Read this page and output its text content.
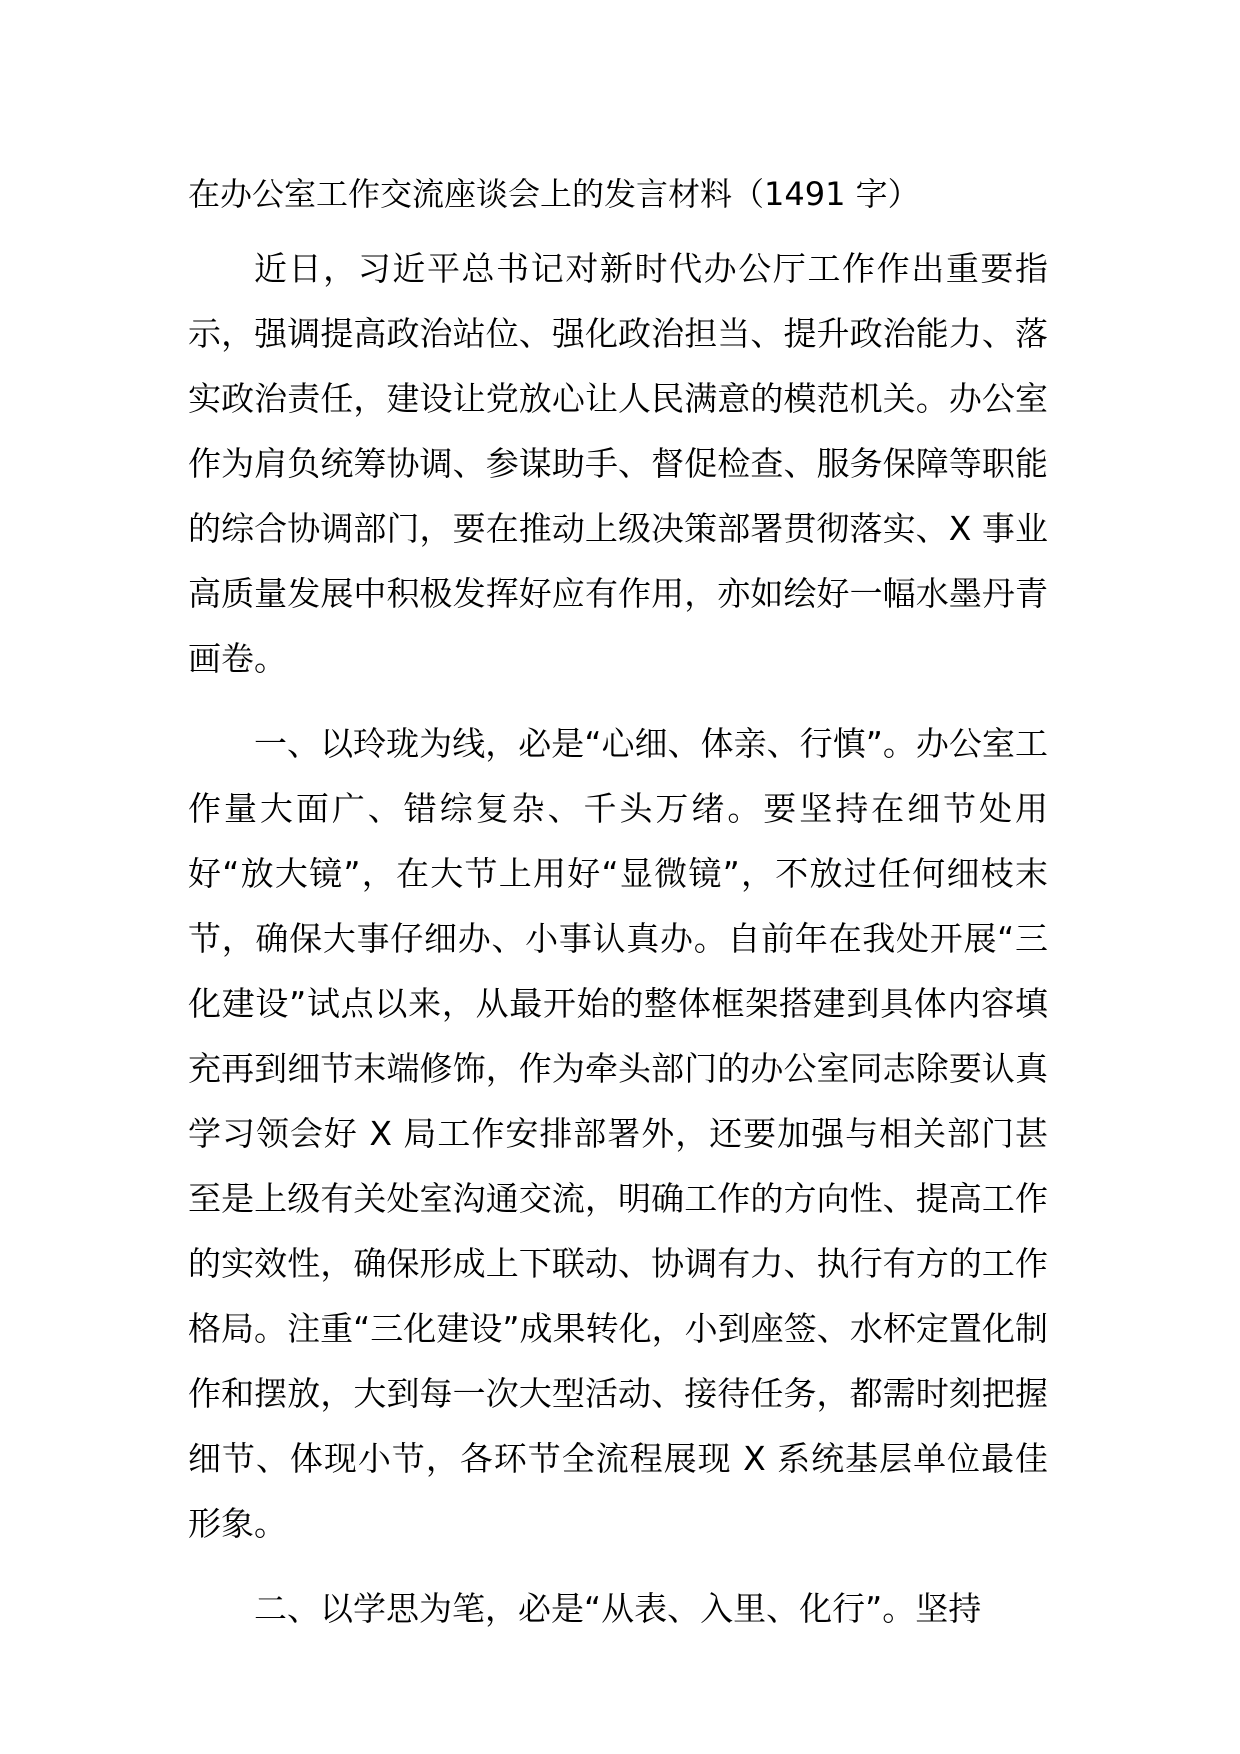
在办公室工作交流座谈会上的发言材料（1491 字）

近日，习近平总书记对新时代办公厅工作作出重要指示，强调提高政治站位、强化政治担当、提升政治能力、落实政治责任，建设让党放心让人民满意的模范机关。办公室作为肩负统筹协调、参谋助手、督促检查、服务保障等职能的综合协调部门，要在推动上级决策部署贯彻落实、X 事业高质量发展中积极发挥好应有作用，亦如绘好一幅水墨丹青画卷。

一、以玲珑为线，必是“心细、体亲、行慎”。办公室工作量大面广、错综复杂、千头万绪。要坚持在细节处用好“放大镜”，在大节上用好“显微镜”，不放过任何细枝末节，确保大事仔细办、小事认真办。自前年在我处开展“三化建设”试点以来，从最开始的整体框架搭建到具体内容填充再到细节末端修饰，作为牵头部门的办公室同志除要认真学习领会好 X 局工作安排部署外，还要加强与相关部门甚至是上级有关处室沟通交流，明确工作的方向性、提高工作的实效性，确保形成上下联动、协调有力、执行有方的工作格局。注重“三化建设”成果转化，小到座签、水杯定置化制作和摆放，大到每一次大型活动、接待任务，都需时刻把握细节、体现小节，各环节全流程展现 X 系统基层单位最佳形象。

二、以学思为笔，必是“从表、入里、化行”。坚持
